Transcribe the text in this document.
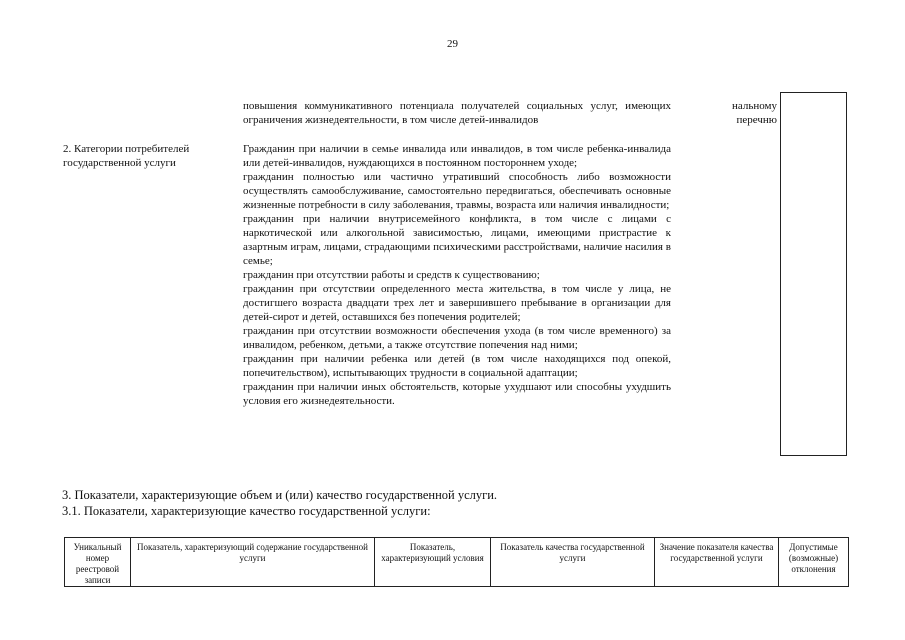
29
повышения коммуникативного потенциала получателей социальных услуг, имеющих ограничения жизнедеятельности, в том числе детей-инвалидов
нальному перечню
2. Категории потребителей государственной услуги
Гражданин при наличии в семье инвалида или инвалидов, в том числе ребенка-инвалида или детей-инвалидов, нуждающихся в постоянном постороннем уходе;
гражданин полностью или частично утративший способность либо возможности осуществлять самообслуживание, самостоятельно передвигаться, обеспечивать основные жизненные потребности в силу заболевания, травмы, возраста или наличия инвалидности;
гражданин при наличии внутрисемейного конфликта, в том числе с лицами с наркотической или алкогольной зависимостью, лицами, имеющими пристрастие к азартным играм, лицами, страдающими психическими расстройствами, наличие насилия в семье;
гражданин при отсутствии работы и средств к существованию;
гражданин при отсутствии определенного места жительства, в том числе у лица, не достигшего возраста двадцати трех лет и завершившего пребывание в организации для детей-сирот и детей, оставшихся без попечения родителей;
гражданин при отсутствии возможности обеспечения ухода (в том числе временного) за инвалидом, ребенком, детьми, а также отсутствие попечения над ними;
гражданин при наличии ребенка или детей (в том числе находящихся под опекой, попечительством), испытывающих трудности в социальной адаптации;
гражданин при наличии иных обстоятельств, которые ухудшают или способны ухудшить условия его жизнедеятельности.
3. Показатели, характеризующие объем и (или) качество государственной услуги.
3.1. Показатели, характеризующие качество государственной услуги:
Уникальный номер реестровой записи	Показатель, характеризующий содержание государственной услуги	Показатель, характеризующий условия	Показатель качества государственной услуги	Значение показателя качества государственной услуги	Допустимые (возможные) отклонения
